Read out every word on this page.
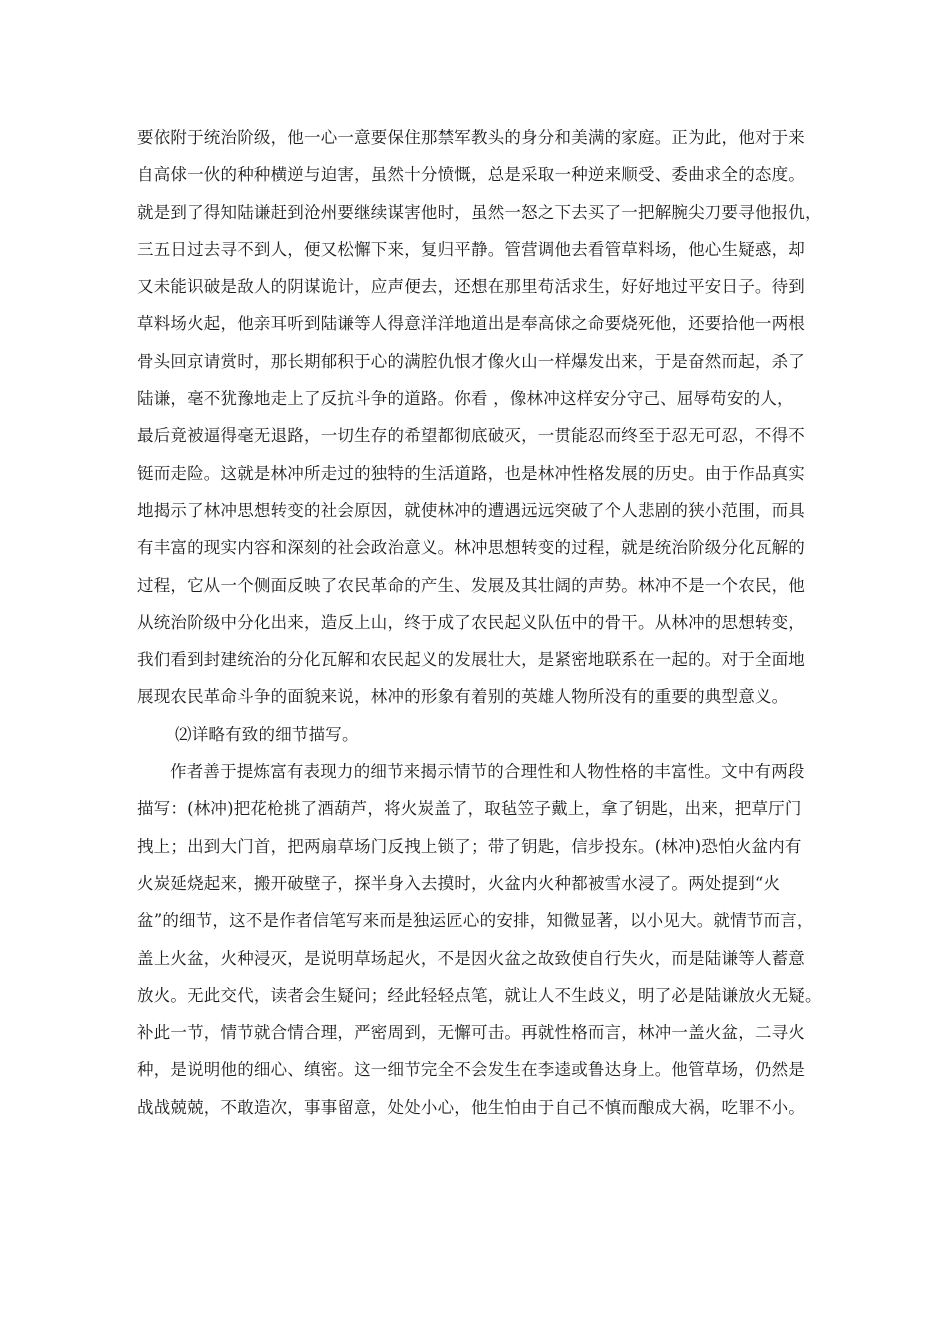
要依附于统治阶级，他一心一意要保住那禁军教头的身分和美满的家庭。正为此，他对于来
自高俅一伙的种种横逆与迫害，虽然十分愤慨，总是采取一种逆来顺受、委曲求全的态度。
就是到了得知陆谦赶到沧州要继续谋害他时，虽然一怒之下去买了一把解腕尖刀要寻他报仇，
三五日过去寻不到人，便又松懈下来，复归平静。管营调他去看管草料场，他心生疑惑，却
又未能识破是敌人的阴谋诡计，应声便去，还想在那里苟活求生，好好地过平安日子。待到
草料场火起，他亲耳听到陆谦等人得意洋洋地道出是奉高俅之命要烧死他，还要拾他一两根
骨头回京请赏时，那长期郁积于心的满腔仇恨才像火山一样爆发出来，于是奋然而起，杀了
陆谦，毫不犹豫地走上了反抗斗争的道路。你看 ，像林冲这样安分守己、屈辱苟安的人，
最后竟被逼得毫无退路，一切生存的希望都彻底破灭，一贯能忍而终至于忍无可忍，不得不
铤而走险。这就是林冲所走过的独特的生活道路，也是林冲性格发展的历史。由于作品真实
地揭示了林冲思想转变的社会原因，就使林冲的遭遇远远突破了个人悲剧的狭小范围，而具
有丰富的现实内容和深刻的社会政治意义。林冲思想转变的过程，就是统治阶级分化瓦解的
过程，它从一个侧面反映了农民革命的产生、发展及其壮阔的声势。林冲不是一个农民，他
从统治阶级中分化出来，造反上山，终于成了农民起义队伍中的骨干。从林冲的思想转变，
我们看到封建统治的分化瓦解和农民起义的发展壮大，是紧密地联系在一起的。对于全面地
展现农民革命斗争的面貌来说，林冲的形象有着别的英雄人物所没有的重要的典型意义。
⑵详略有致的细节描写。
作者善于提炼富有表现力的细节来揭示情节的合理性和人物性格的丰富性。文中有两段
描写：(林冲)把花枪挑了酒葫芦，将火炭盖了，取毡笠子戴上，拿了钥匙，出来，把草厅门
拽上；出到大门首，把两扇草场门反拽上锁了；带了钥匙，信步投东。(林冲)恐怕火盆内有
火炭延烧起来，搬开破壁子，探半身入去摸时，火盆内火种都被雪水浸了。两处提到“火
盆”的细节，这不是作者信笔写来而是独运匠心的安排，知微显著，以小见大。就情节而言，
盖上火盆，火种浸灭，是说明草场起火，不是因火盆之故致使自行失火，而是陆谦等人蓄意
放火。无此交代，读者会生疑问；经此轻轻点笔，就让人不生歧义，明了必是陆谦放火无疑。
补此一节，情节就合情合理，严密周到，无懈可击。再就性格而言，林冲一盖火盆，二寻火
种，是说明他的细心、缜密。这一细节完全不会发生在李逵或鲁达身上。他管草场，仍然是
战战兢兢，不敢造次，事事留意，处处小心，他生怕由于自己不慎而酿成大祸，吃罪不小。
